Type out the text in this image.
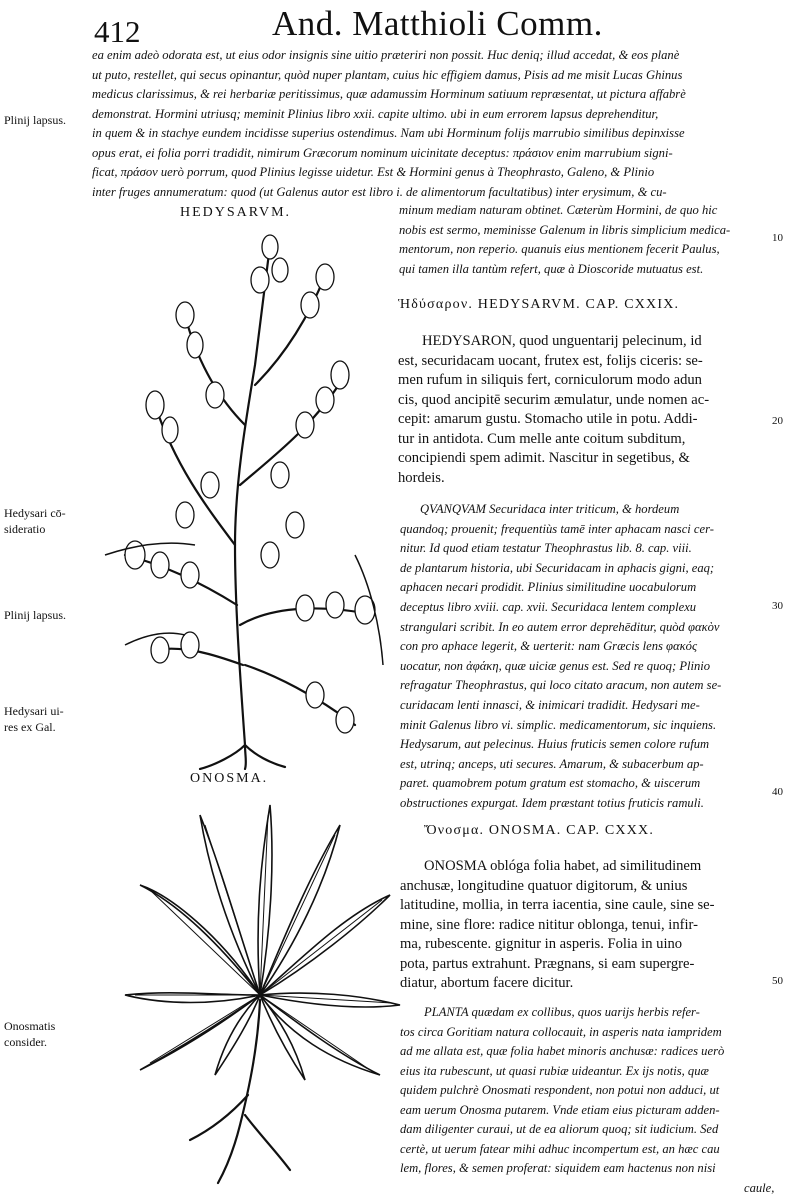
412	And. Matthioli Comm.
ea enim adeò odorata est, ut eius odor insignis sine uitio præteriri non possit. Huc deniq; illud accedat, & eos planè
ut puto, restellet, qui secus opinantur, quòd nuper plantam, cuius hic effigiem damus, Pisis ad me misit Lucas Ghinus
medicus clarissimus, & rei herbariæ peritissimus, quæ adamussim Horminum satiuum repræsentat, ut pictura affabrè
demonstrat. Hormini utriusq; meminit Plinius libro xxii. capite ultimo. ubi in eum errorem lapsus deprehenditur,
in quem & in stachye eundem incidisse superius ostendimus. Nam ubi Horminum folijs marrubio similibus depinxisse
opus erat, ei folia porri tradidit, nimirum Græcorum nominum uicinitate deceptus: πράσιον enim marrubium signi-
ficat, πράσον uerò porrum, quod Plinius legisse uidetur. Est & Hormini genus à Theophrasto, Galeno, & Plinio
inter fruges annumeratum: quod (ut Galenus autor est libro i. de alimentorum facultatibus) inter erysimum, & cu-
Plinij lapsus.
Hedysari cō- sideratio
Plinij lapsus.
Hedysari ui- res ex Gal.
Onosmatis consider.
10
20
30
40
50
minum mediam naturam obtinet. Cæterùm Hormini, de quo hic
nobis est sermo, meminisse Galenum in libris simplicium medica-
mentorum, non reperio. quanuis eius mentionem fecerit Paulus,
qui tamen illa tantùm refert, quæ à Dioscoride mutuatus est.
HEDYSARVM.
Ἡδύσαρον. HEDYSARVM. CAP. CXXIX.
HEDYSARON, quod unguentarij pelecinum, id
est, securidacam uocant, frutex est, folijs ciceris: se-
men rufum in siliquis fert, corniculorum modo adun
cis, quod ancipitē securim æmulatur, unde nomen ac-
cepit: amarum gustu. Stomacho utile in potu. Addi-
tur in antidota. Cum melle ante coitum subditum,
concipiendi spem adimit. Nascitur in segetibus, &
hordeis.
QVANQVAM Securidaca inter triticum, & hordeum
quandoq; prouenit; frequentiùs tamē inter aphacam nasci cer-
nitur. Id quod etiam testatur Theophrastus lib. 8. cap. viii.
de plantarum historia, ubi Securidacam in aphacis gigni, eaq;
aphacen necari prodidit. Plinius similitudine uocabulorum
deceptus libro xviii. cap. xvii. Securidaca lentem complexu
strangulari scribit. In eo autem error deprehēditur, quòd φακὸν
con pro aphace legerit, & uerterit: nam Græcis lens φακός
uocatur, non ἀφάκη, quæ uiciæ genus est. Sed re quoq; Plinio
refragatur Theophrastus, qui loco citato aracum, non autem se-
curidacam lenti innasci, & inimicari tradidit. Hedysari me-
minit Galenus libro vi. simplic. medicamentorum, sic inquiens.
Hedysarum, aut pelecinus. Huius fruticis semen colore rufum
est, utrinq; anceps, uti secures. Amarum, & subacerbum ap-
paret. quamobrem potum gratum est stomacho, & uiscerum
obstructiones expurgat. Idem præstant totius fruticis ramuli.
ONOSMA.
Ὄνοσμα. ONOSMA. CAP. CXXX.
ONOSMA oblóga folia habet, ad similitudinem
anchusæ, longitudine quatuor digitorum, & unius
latitudine, mollia, in terra iacentia, sine caule, sine se-
mine, sine flore: radice nititur oblonga, tenui, infir-
ma, rubescente. gignitur in asperis. Folia in uino
pota, partus extrahunt. Prægnans, si eam supergre-
diatur, abortum facere dicitur.
PLANTA quædam ex collibus, quos uarijs herbis refer-
tos circa Goritiam natura collocauit, in asperis nata iampridem
ad me allata est, quæ folia habet minoris anchusæ: radices uerò
eius ita rubescunt, ut quasi rubiæ uideantur. Ex ijs notis, quæ
quidem pulchrè Onosmati respondent, non potui non adduci, ut
eam uerum Onosma putarem. Vnde etiam eius picturam adden-
dam diligenter curaui, ut de ea aliorum quoq; sit iudicium. Sed
certè, ut uerum fatear mihi adhuc incompertum est, an hæc cau
lem, flores, & semen proferat: siquidem eam hactenus non nisi
caule,
